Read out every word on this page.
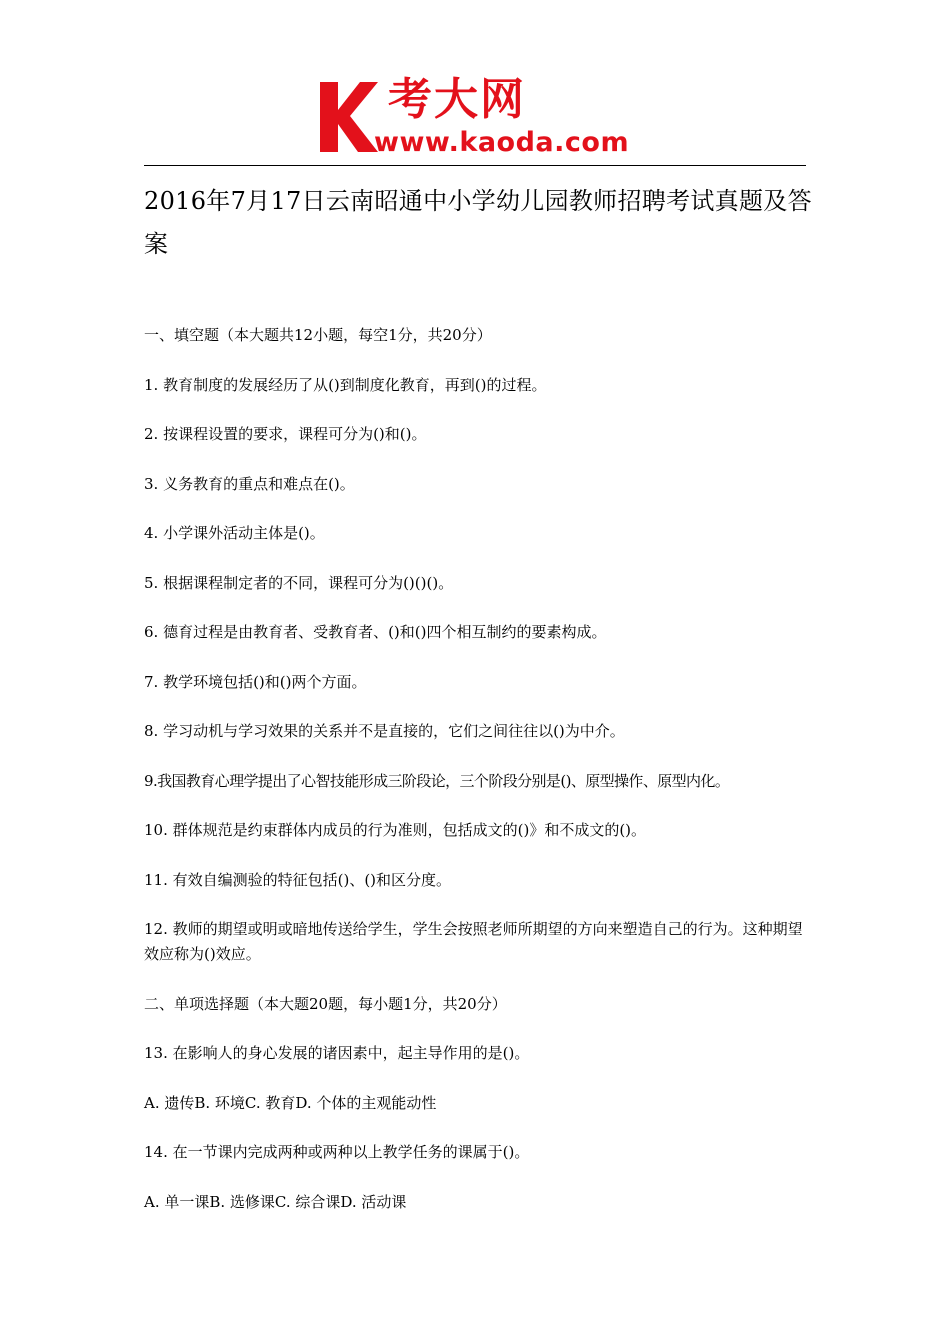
考大网
www.kaoda.com
2016年7月17日云南昭通中小学幼儿园教师招聘考试真题及答案

一、填空题（本大题共12小题，每空1分，共20分）

1. 教育制度的发展经历了从()到制度化教育，再到()的过程。

2. 按课程设置的要求，课程可分为()和()。

3. 义务教育的重点和难点在()。

4. 小学课外活动主体是()。

5. 根据课程制定者的不同，课程可分为()()()。

6. 德育过程是由教育者、受教育者、()和()四个相互制约的要素构成。

7. 教学环境包括()和()两个方面。

8. 学习动机与学习效果的关系并不是直接的，它们之间往往以()为中介。

9.我国教育心理学提出了心智技能形成三阶段论，三个阶段分别是()、原型操作、原型内化。

10. 群体规范是约束群体内成员的行为准则，包括成文的()》和不成文的()。

11. 有效自编测验的特征包括()、()和区分度。

12. 教师的期望或明或暗地传送给学生，学生会按照老师所期望的方向来塑造自己的行为。这种期望效应称为()效应。

二、单项选择题（本大题20题，每小题1分，共20分）

13. 在影响人的身心发展的诸因素中，起主导作用的是()。

A. 遗传B. 环境C. 教育D. 个体的主观能动性

14. 在一节课内完成两种或两种以上教学任务的课属于()。

A. 单一课B. 选修课C. 综合课D. 活动课
